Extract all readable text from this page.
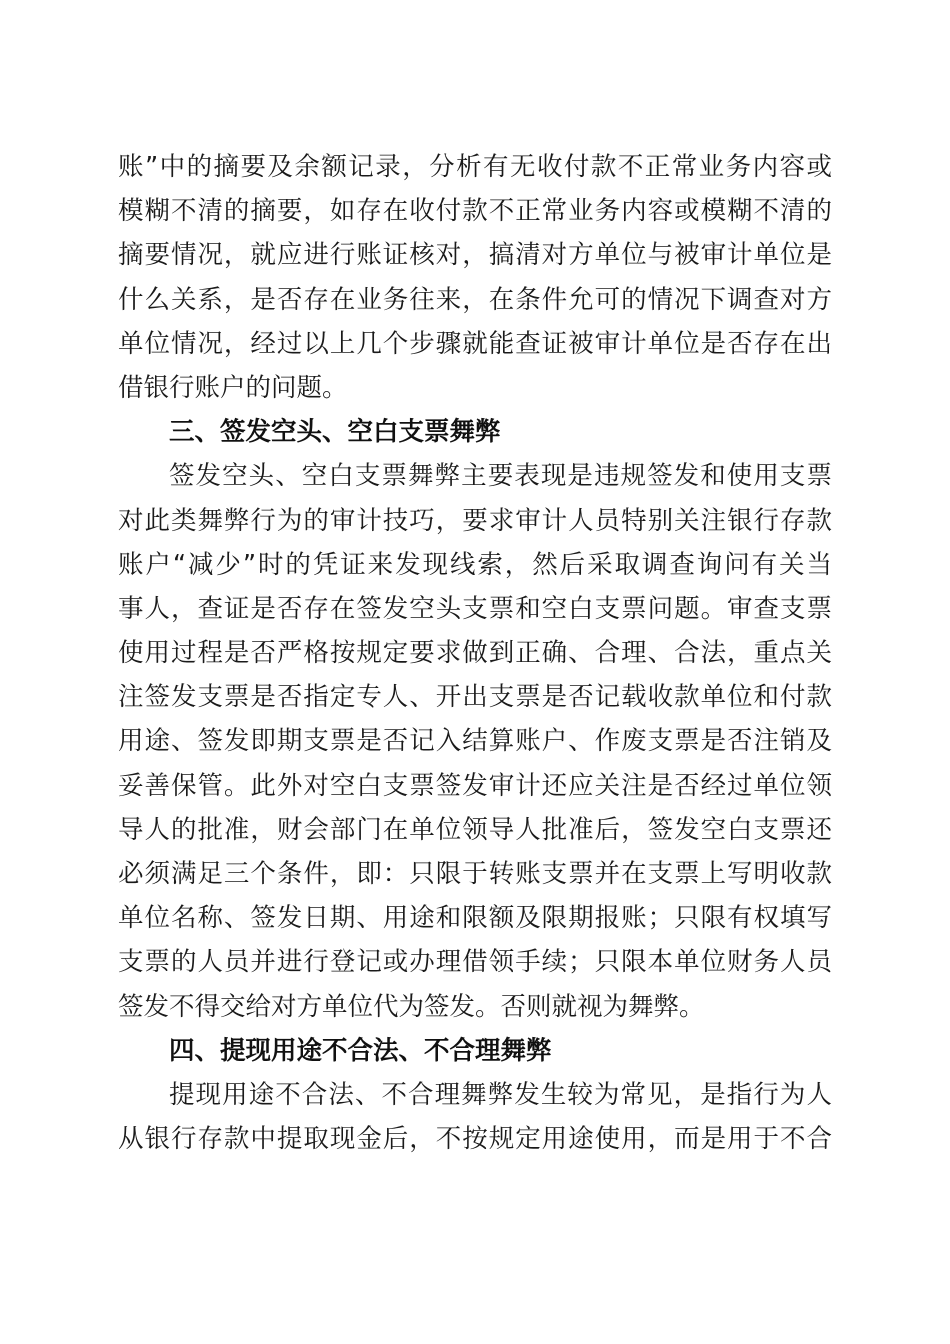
账”中的摘要及余额记录，分析有无收付款不正常业务内容或
模糊不清的摘要，如存在收付款不正常业务内容或模糊不清的
摘要情况，就应进行账证核对，搞清对方单位与被审计单位是
什么关系，是否存在业务往来，在条件允可的情况下调查对方
单位情况，经过以上几个步骤就能查证被审计单位是否存在出
借银行账户的问题。
三、签发空头、空白支票舞弊
签发空头、空白支票舞弊主要表现是违规签发和使用支票
对此类舞弊行为的审计技巧，要求审计人员特别关注银行存款
账户“减少”时的凭证来发现线索，然后采取调查询问有关当
事人，查证是否存在签发空头支票和空白支票问题。审查支票
使用过程是否严格按规定要求做到正确、合理、合法，重点关
注签发支票是否指定专人、开出支票是否记载收款单位和付款
用途、签发即期支票是否记入结算账户、作废支票是否注销及
妥善保管。此外对空白支票签发审计还应关注是否经过单位领
导人的批准，财会部门在单位领导人批准后，签发空白支票还
必须满足三个条件，即：只限于转账支票并在支票上写明收款
单位名称、签发日期、用途和限额及限期报账；只限有权填写
支票的人员并进行登记或办理借领手续；只限本单位财务人员
签发不得交给对方单位代为签发。否则就视为舞弊。
四、提现用途不合法、不合理舞弊
提现用途不合法、不合理舞弊发生较为常见，是指行为人
从银行存款中提取现金后，不按规定用途使用，而是用于不合
